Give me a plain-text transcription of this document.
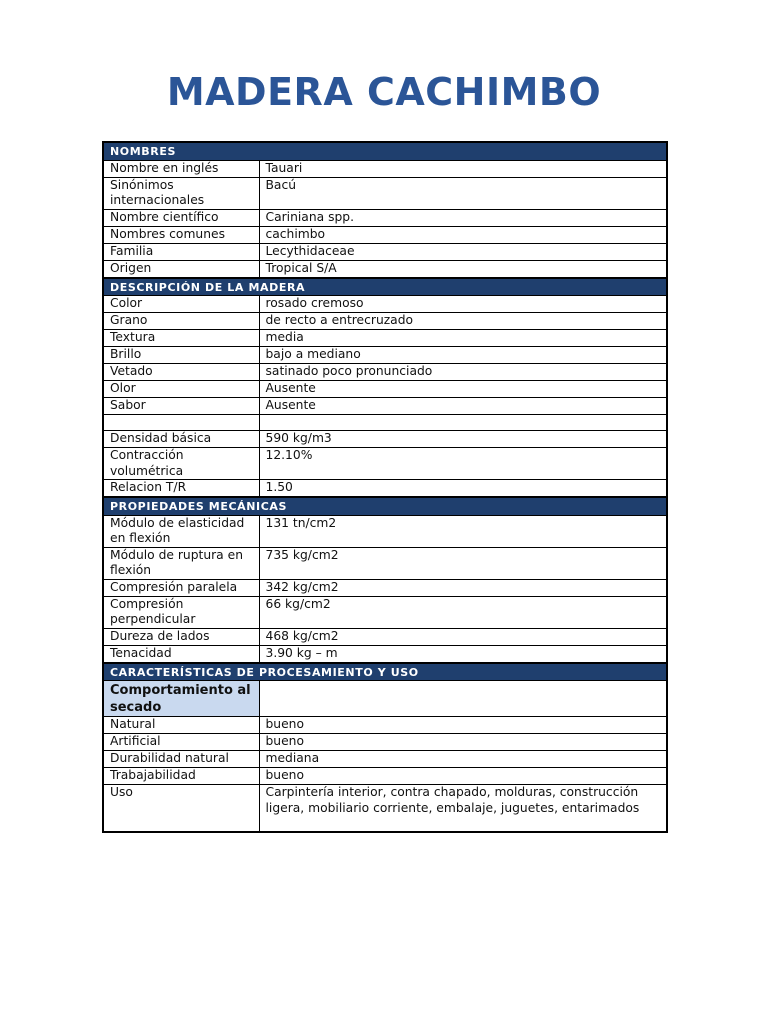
MADERA CACHIMBO
NOMBRES	
Nombre en inglés	Tauari
Sinónimos internacionales	Bacú
Nombre científico	Cariniana spp.
Nombres comunes	cachimbo
Familia	Lecythidaceae
Origen	Tropical S/A
DESCRIPCIÓN DE LA MADERA	
Color	rosado cremoso
Grano	de recto a entrecruzado
Textura	media
Brillo	bajo a mediano
Vetado	satinado poco pronunciado
Olor	Ausente
Sabor	Ausente

Densidad básica	590 kg/m3
Contracción volumétrica	12.10%
Relacion T/R	1.50
PROPIEDADES MECÁNICAS	
Módulo de elasticidad en flexión	131 tn/cm2
Módulo de ruptura en flexión	735 kg/cm2
Compresión paralela	342 kg/cm2
Compresión perpendicular	66 kg/cm2
Dureza de lados	468 kg/cm2
Tenacidad	3.90 kg – m
CARACTERÍSTICAS DE PROCESAMIENTO Y USO	
Comportamiento al secado	
Natural	bueno
Artificial	bueno
Durabilidad natural	mediana
Trabajabilidad	bueno
Uso	Carpintería interior, contra chapado, molduras, construcción ligera, mobiliario corriente, embalaje, juguetes, entarimados
